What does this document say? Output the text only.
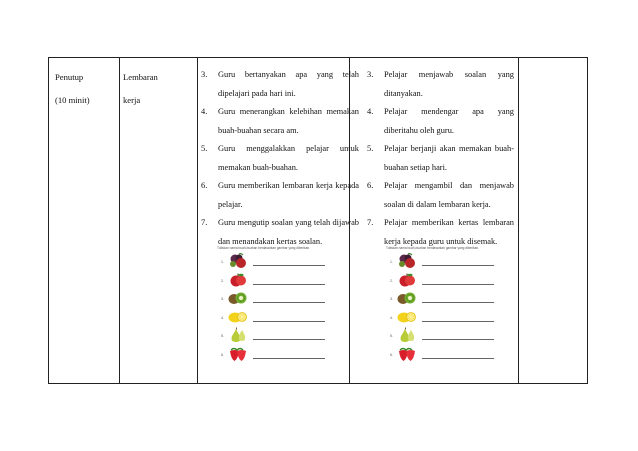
Penutup
(10 minit)
Lembaran
kerja
3. Guru bertanyakan apa yang telah dipelajari pada hari ini.
4. Guru menerangkan kelebihan memakan buah-buahan secara am.
5. Guru menggalakkan pelajar untuk memakan buah-buahan.
6. Guru memberikan lembaran kerja kepada pelajar.
7. Guru mengutip soalan yang telah dijawab dan menandakan kertas soalan.
3. Pelajar menjawab soalan yang ditanyakan.
4. Pelajar mendengar apa yang diberitahu oleh guru.
5. Pelajar berjanji akan memakan buah-buahan setiap hari.
6. Pelajar mengambil dan menjawab soalan di dalam lembaran kerja.
7. Pelajar memberikan kertas lembaran kerja kepada guru untuk disemak.
Tuliskan nama buah-buahan berdasarkan gambar yang diberikan.
1.
2.
3.
4.
5.
6.
Tuliskan nama buah-buahan berdasarkan gambar yang diberikan.
1.
2.
3.
4.
5.
6.
